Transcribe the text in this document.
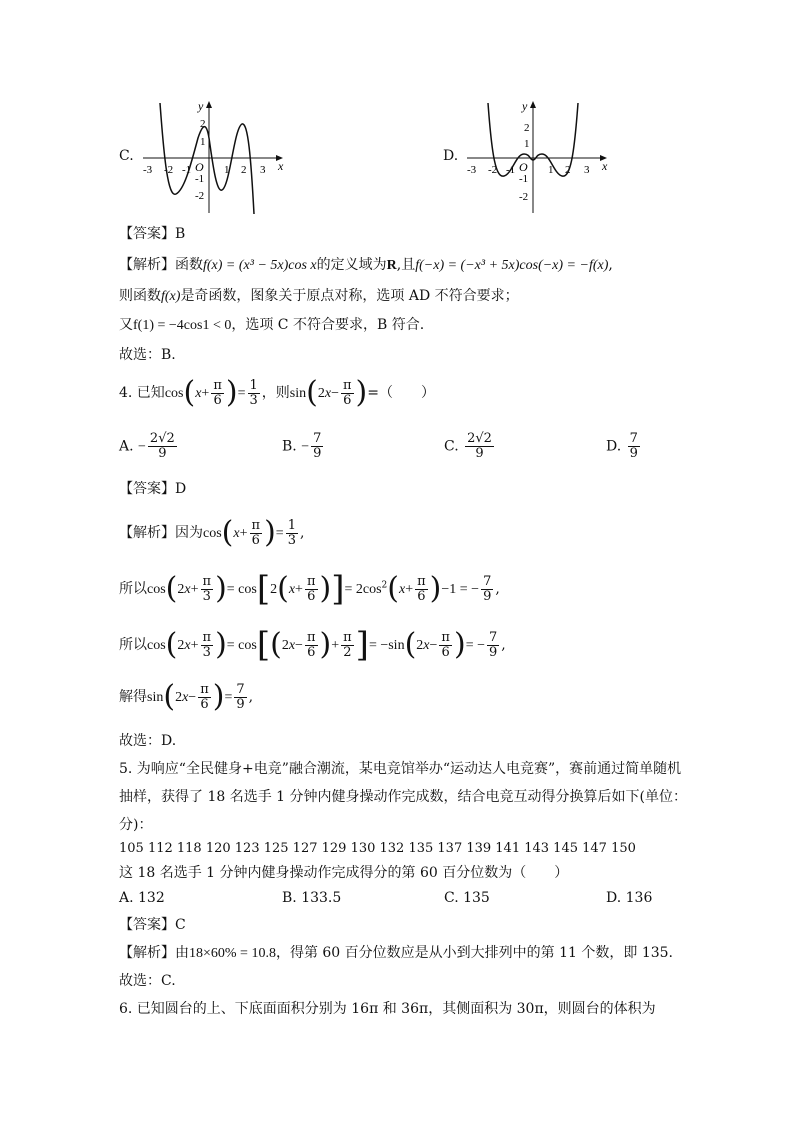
C.
x
y
O
-3 -2 -1	1 2 3
2
1
-1
-2
D.
x
y
O
-3 -2 -1	1 2 3
2
1
-1
-2
【答案】B
【解析】函数f(x) = (x³ − 5x)cos x的定义域为R,且f(−x) = (−x³ + 5x)cos(−x) = −f(x),
则函数f(x)是奇函数，图象关于原点对称，选项 AD 不符合要求；
又f(1) = −4cos1 < 0，选项 C 不符合要求，B 符合.
故选：B.
4. 已知$\cos(x+ \frac{\pi}{6}$ )= $\frac{1}{3}$ ，则$\sin(2x- \frac{\pi}{6}$ )=（　　）
A. − $\frac{2√2}{9}$	B. − $\frac{7}{9}$	C. $\frac{2√2}{9}$	D. $\frac{7}{9}$
【答案】D
【解析】因为$\cos(x+ \frac{\pi}{6}$ )= $\frac{1}{3}$ ,
所以$\cos(2x+ \frac{\pi}{3}$ )= $\cos[2(x+ \frac{\pi}{6}$ )]= $2\cos^2(x+ \frac{\pi}{6} )-1$ = − $\frac{7}{9}$ ,
所以$\cos(2x+ \frac{\pi}{3}$ )= $\cos[(2x- \frac{\pi}{6}$ )+ $\frac{\pi}{2}$ ]= $-\sin(2x- \frac{\pi}{6}$ )= − $\frac{7}{9}$ ,
解得$\sin(2x- \frac{\pi}{6}$ )= $\frac{7}{9}$ ,
故选：D.
5. 为响应“全民健身+电竞”融合潮流，某电竞馆举办“运动达人电竞赛”，赛前通过简单随机
抽样，获得了 18 名选手 1 分钟内健身操动作完成数，结合电竞互动得分换算后如下(单位：
分)：
105 112 118 120 123 125 127 129 130 132 135 137 139 141 143 145 147 150
这 18 名选手 1 分钟内健身操动作完成得分的第 60 百分位数为（　　）
A. 132	B. 133.5	C. 135	D. 136
【答案】C
【解析】由18×60% = 10.8，得第 60 百分位数应是从小到大排列中的第 11 个数，即 135.
故选：C.
6. 已知圆台的上、下底面面积分别为 16π 和 36π，其侧面积为 30π，则圆台的体积为
